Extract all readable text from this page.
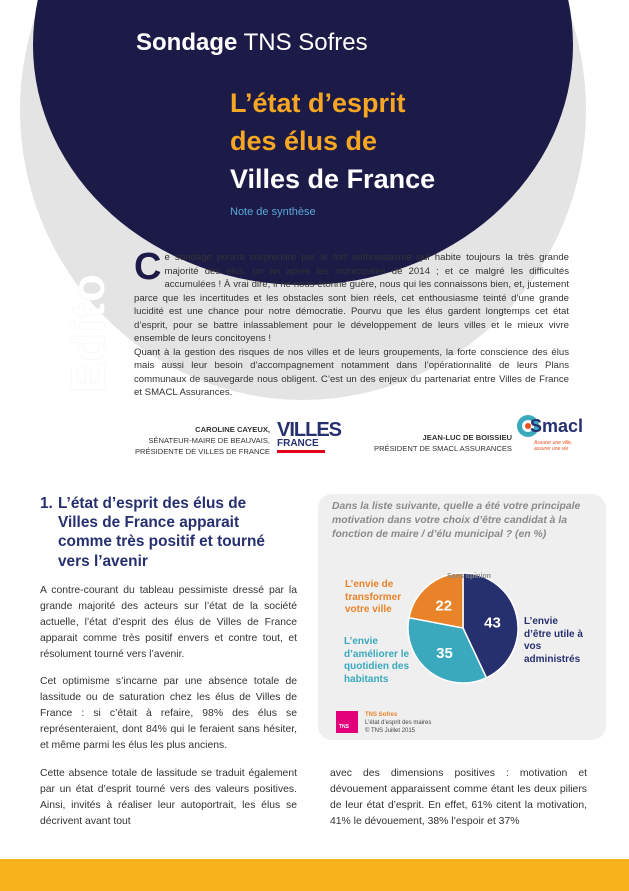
Sondage TNS Sofres
L’état d’esprit
des élus de
Villes de France
Note de synthèse
Edito

Ce sondage pourra surprendre par le fort enthousiasme qui habite toujours la très grande majorité des élus, un an après les municipales de 2014 ; et ce malgré les difficultés accumulées ! À vrai dire, il ne nous étonne guère, nous qui les connaissons bien, et, justement parce que les incertitudes et les obstacles sont bien réels, cet enthousiasme teinté d’une grande lucidité est une chance pour notre démocratie. Pourvu que les élus gardent longtemps cet état d’esprit, pour se battre inlassablement pour le développement de leurs villes et le mieux vivre ensemble de leurs concitoyens !

Quant à la gestion des risques de nos villes et de leurs groupements, la forte conscience des élus mais aussi leur besoin d’accompagnement notamment dans l’opérationnalité de leurs Plans communaux de sauvegarde nous obligent. C’est un des enjeux du partenariat entre Villes de France et SMACL Assurances.

CAROLINE CAYEUX,
SÉNATEUR-MAIRE DE BEAUVAIS,
PRÉSIDENTE DE VILLES DE FRANCE
VILLES
FRANCE
JEAN-LUC DE BOISSIEU
PRÉSIDENT DE SMACL ASSURANCES
Smacl
Assurer une ville, assurer une vie
1. L’état d’esprit des élus de Villes de France apparait comme très positif et tourné vers l’avenir
A contre-courant du tableau pessimiste dressé par la grande majorité des acteurs sur l’état de la société actuelle, l’état d’esprit des élus de Villes de France apparait comme très positif envers et contre tout, et résolument tourné vers l’avenir.
Cet optimisme s’incarne par une absence totale de lassitude ou de saturation chez les élus de Villes de France : si c’était à refaire, 98% des élus se représenteraient, dont 84% qui le feraient sans hésiter, et même parmi les élus les plus anciens.
Cette absence totale de lassitude se traduit également par un état d’esprit tourné vers des valeurs positives. Ainsi, invités à réaliser leur autoportrait, les élus se décrivent avant tout
avec des dimensions positives : motivation et dévouement apparaissent comme étant les deux piliers de leur état d’esprit. En effet, 61% citent la motivation, 41% le dévouement, 38% l’espoir et 37%
Dans la liste suivante, quelle a été votre principale motivation dans votre choix d’être candidat à la fonction de maire / d’élu municipal ? (en %)
43
35
22
Sans opinion
L’envie de transformer votre ville
L’envie d’améliorer le quotidien des habitants
L’envie d’être utile à vos administrés
TNS
TNS Sofres
L’état d’esprit des maires
© TNS Juillet 2015
